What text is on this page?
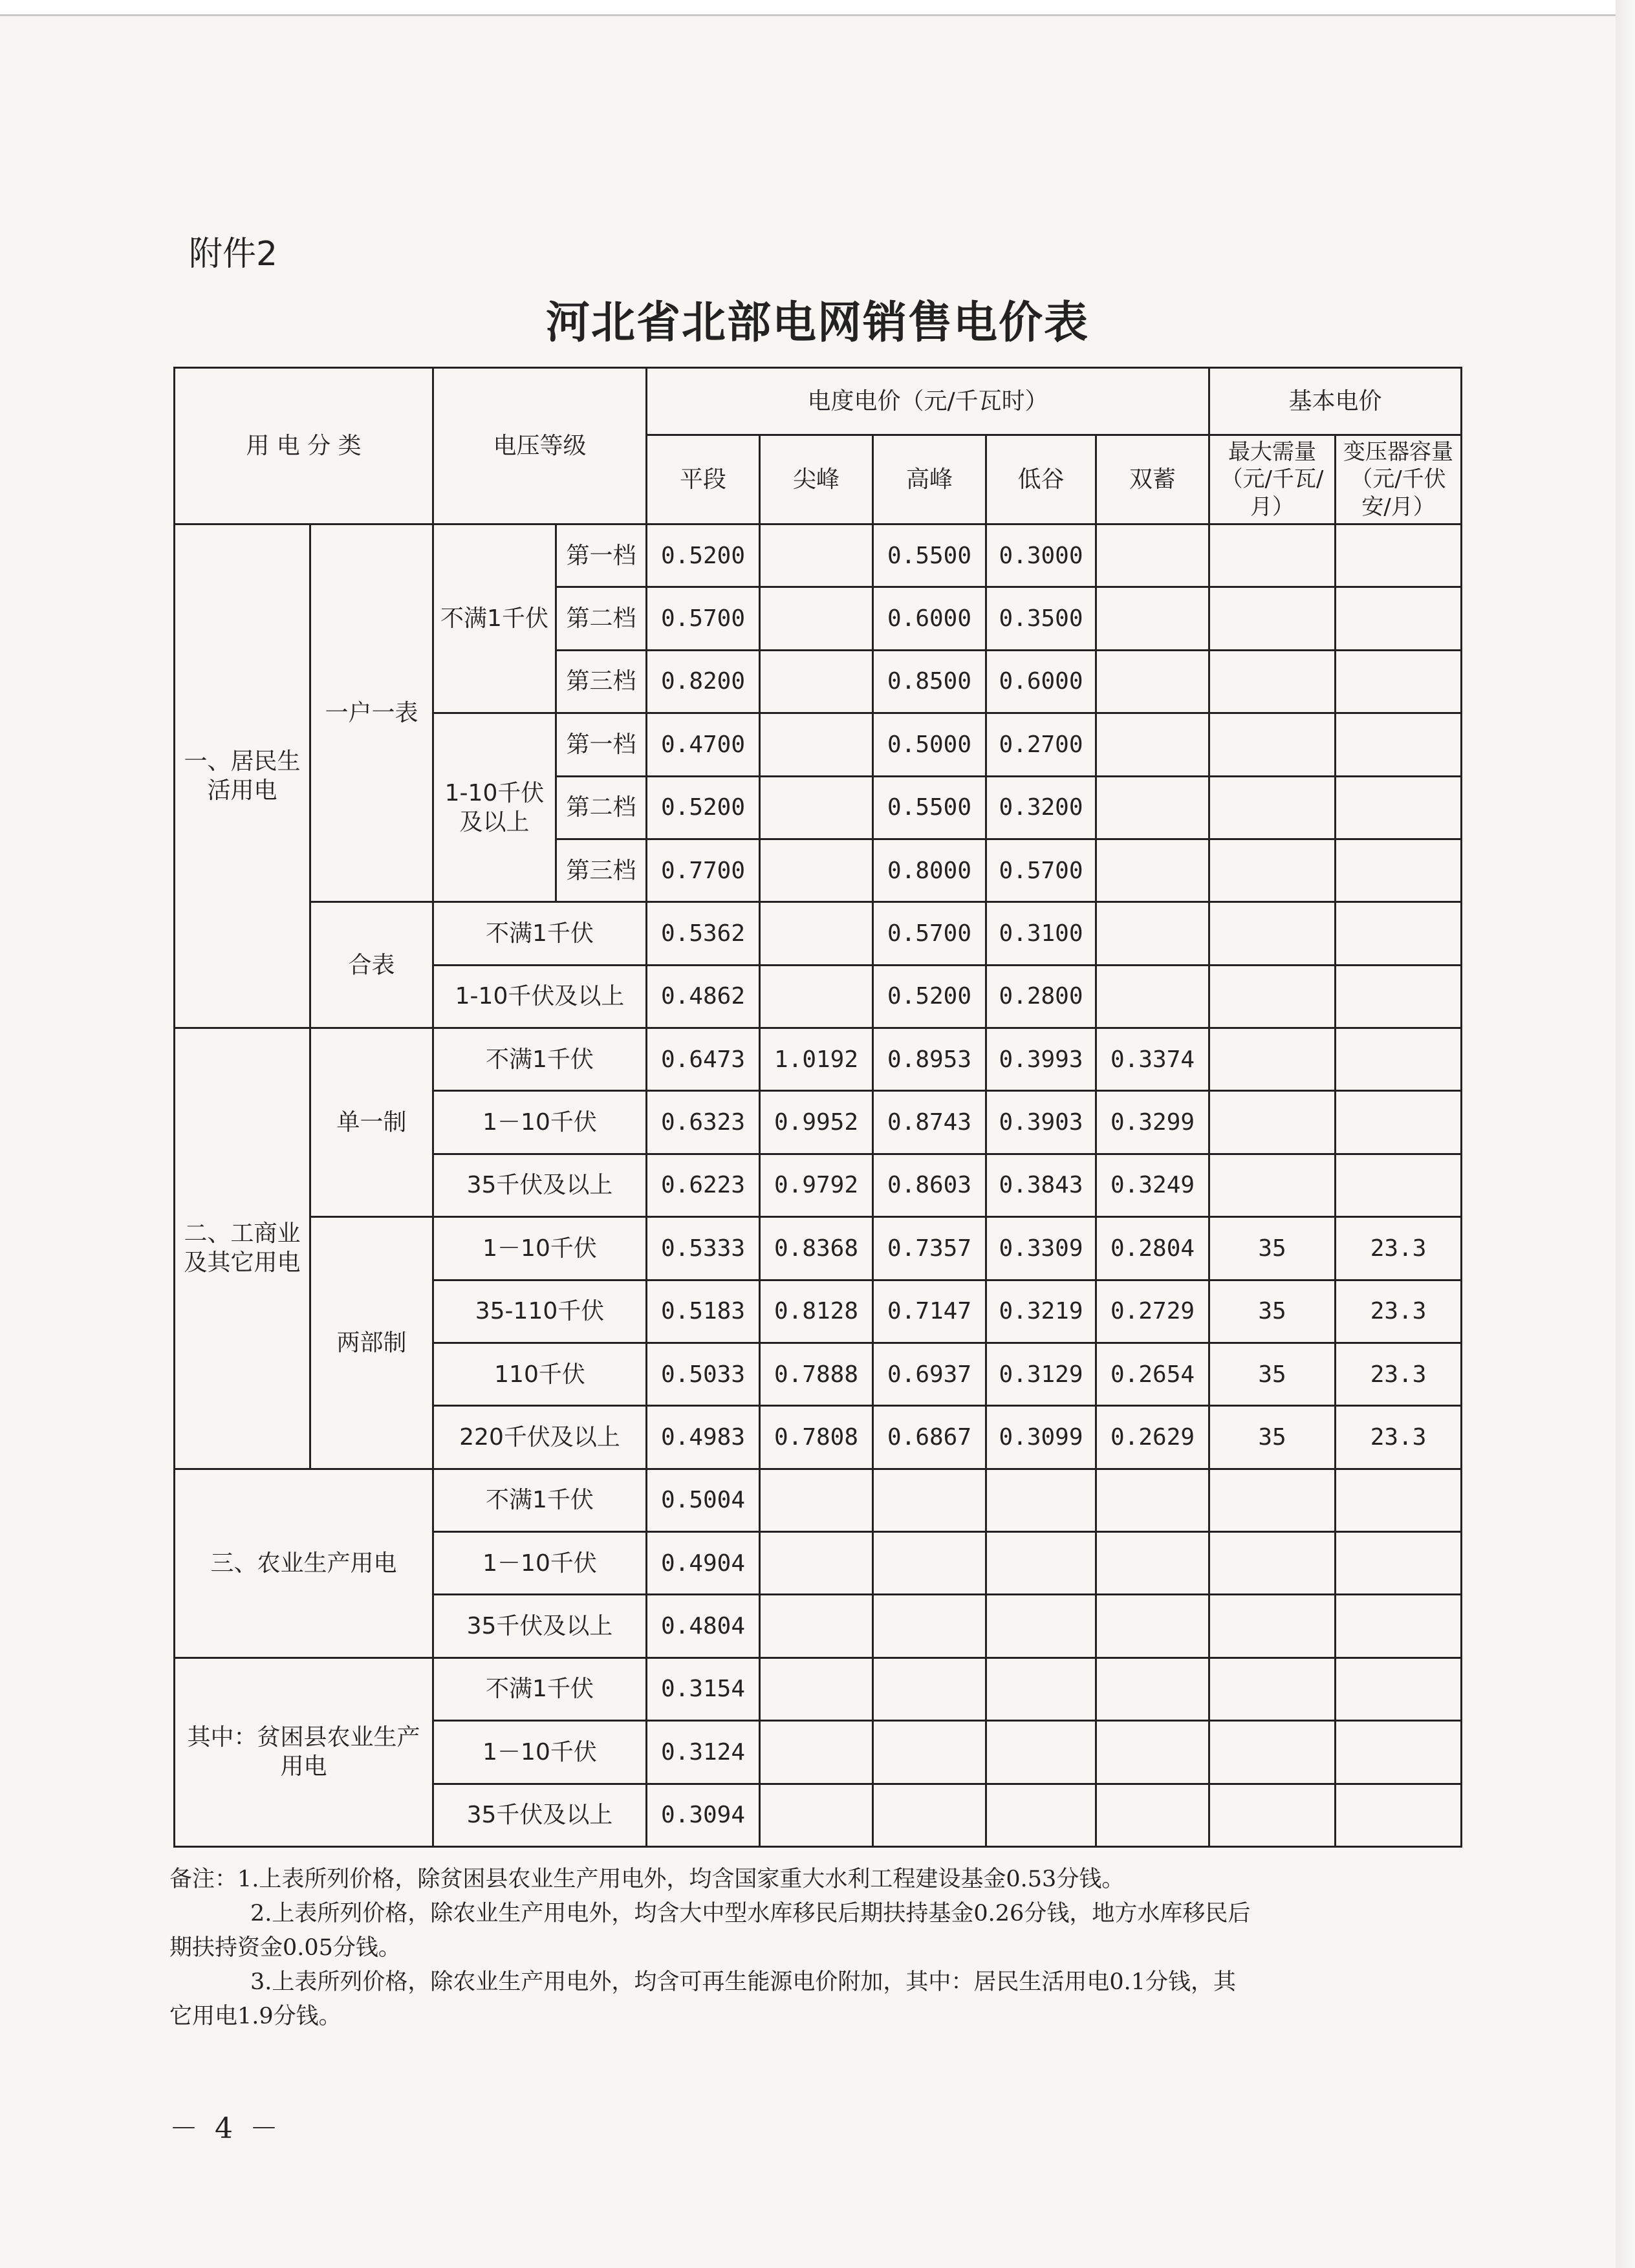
附件2
河北省北部电网销售电价表
用 电 分 类		电压等级		电度电价（元/千瓦时）					基本电价	
				平段	尖峰	高峰	低谷	双蓄	最大需量（元/千瓦/月）	变压器容量（元/千伏安/月）
一、居民生活用电	一户一表	不满1千伏	第一档	0.5200		0.5500	0.3000			
			第二档	0.5700		0.6000	0.3500			
			第三档	0.8200		0.8500	0.6000			
		1-10千伏及以上	第一档	0.4700		0.5000	0.2700			
			第二档	0.5200		0.5500	0.3200			
			第三档	0.7700		0.8000	0.5700			
	合表	不满1千伏		0.5362		0.5700	0.3100			
		1-10千伏及以上		0.4862		0.5200	0.2800			
二、工商业及其它用电	单一制	不满1千伏		0.6473	1.0192	0.8953	0.3993	0.3374		
		1－10千伏		0.6323	0.9952	0.8743	0.3903	0.3299		
		35千伏及以上		0.6223	0.9792	0.8603	0.3843	0.3249		
	两部制	1－10千伏		0.5333	0.8368	0.7357	0.3309	0.2804	35	23.3
		35-110千伏		0.5183	0.8128	0.7147	0.3219	0.2729	35	23.3
		110千伏		0.5033	0.7888	0.6937	0.3129	0.2654	35	23.3
		220千伏及以上		0.4983	0.7808	0.6867	0.3099	0.2629	35	23.3
三、农业生产用电		不满1千伏		0.5004						
		1－10千伏		0.4904						
		35千伏及以上		0.4804						
其中：贫困县农业生产用电		不满1千伏		0.3154						
		1－10千伏		0.3124						
		35千伏及以上		0.3094						

备注：1.上表所列价格，除贫困县农业生产用电外，均含国家重大水利工程建设基金0.53分钱。

2.上表所列价格，除农业生产用电外，均含大中型水库移民后期扶持基金0.26分钱，地方水库移民后

期扶持资金0.05分钱。

3.上表所列价格，除农业生产用电外，均含可再生能源电价附加，其中：居民生活用电0.1分钱，其

它用电1.9分钱。

－ 4 －
